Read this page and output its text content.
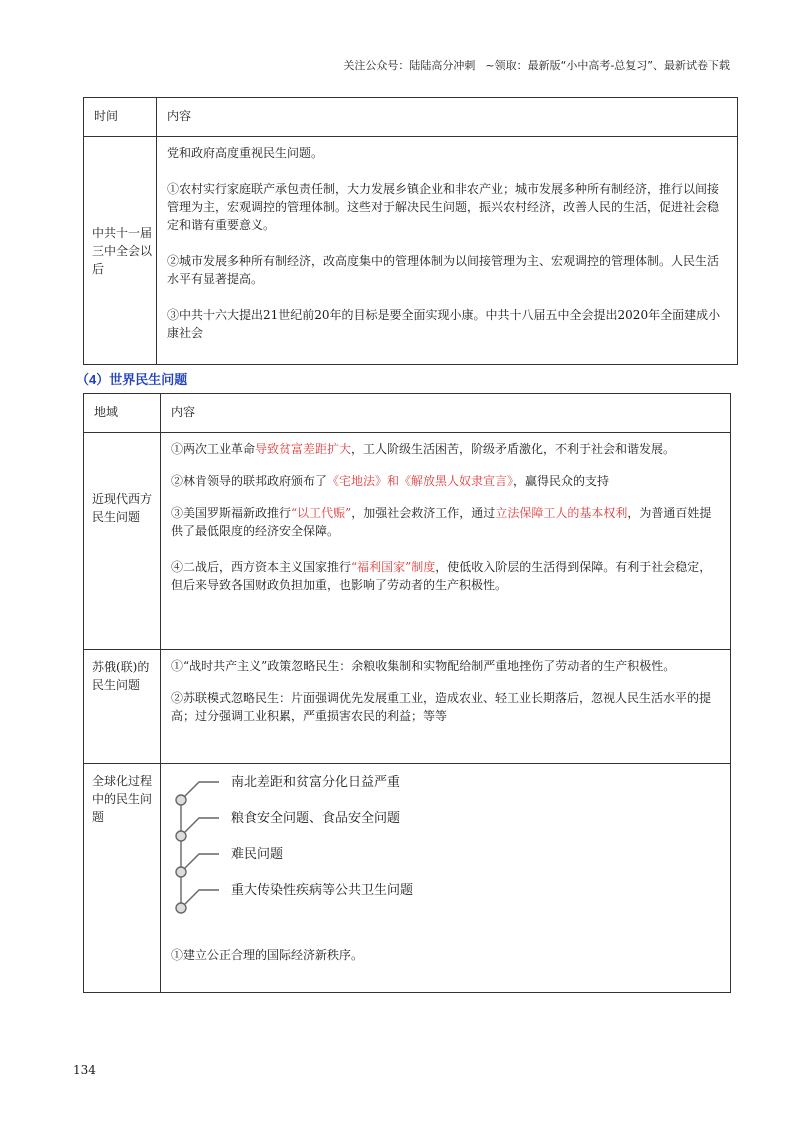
关注公众号：陆陆高分冲刺 ~领取：最新版“小中高考-总复习”、最新试卷下载
时间	内容

中共十一届三中全会以后	党和政府高度重视民生问题。

①农村实行家庭联产承包责任制，大力发展乡镇企业和非农产业；城市发展多种所有制经济，推行以间接管理为主，宏观调控的管理体制。这些对于解决民生问题，振兴农村经济，改善人民的生活，促进社会稳定和谐有重要意义。

②城市发展多种所有制经济，改高度集中的管理体制为以间接管理为主、宏观调控的管理体制。人民生活水平有显著提高。

③中共十六大提出21世纪前20年的目标是要全面实现小康。中共十八届五中全会提出2020年全面建成小康社会

（4）世界民生问题
地域	内容

近现代西方民生问题	①两次工业革命导致贫富差距扩大，工人阶级生活困苦，阶级矛盾激化，不利于社会和谐发展。

②林肯领导的联邦政府颁布了《宅地法》和《解放黑人奴隶宣言》，赢得民众的支持

③美国罗斯福新政推行“以工代赈”，加强社会救济工作，通过立法保障工人的基本权利，为普通百姓提供了最低限度的经济安全保障。

④二战后，西方资本主义国家推行“福利国家”制度，使低收入阶层的生活得到保障。有利于社会稳定，但后来导致各国财政负担加重，也影响了劳动者的生产积极性。

苏俄(联)的民生问题	①“战时共产主义”政策忽略民生：余粮收集制和实物配给制严重地挫伤了劳动者的生产积极性。

②苏联模式忽略民生：片面强调优先发展重工业，造成农业、轻工业长期落后，忽视人民生活水平的提高；过分强调工业积累，严重损害农民的利益；等等

全球化过程中的民生问题	南北差距和贫富分化日益严重
粮食安全问题、食品安全问题
难民问题
重大传染性疾病等公共卫生问题

①建立公正合理的国际经济新秩序。

134
